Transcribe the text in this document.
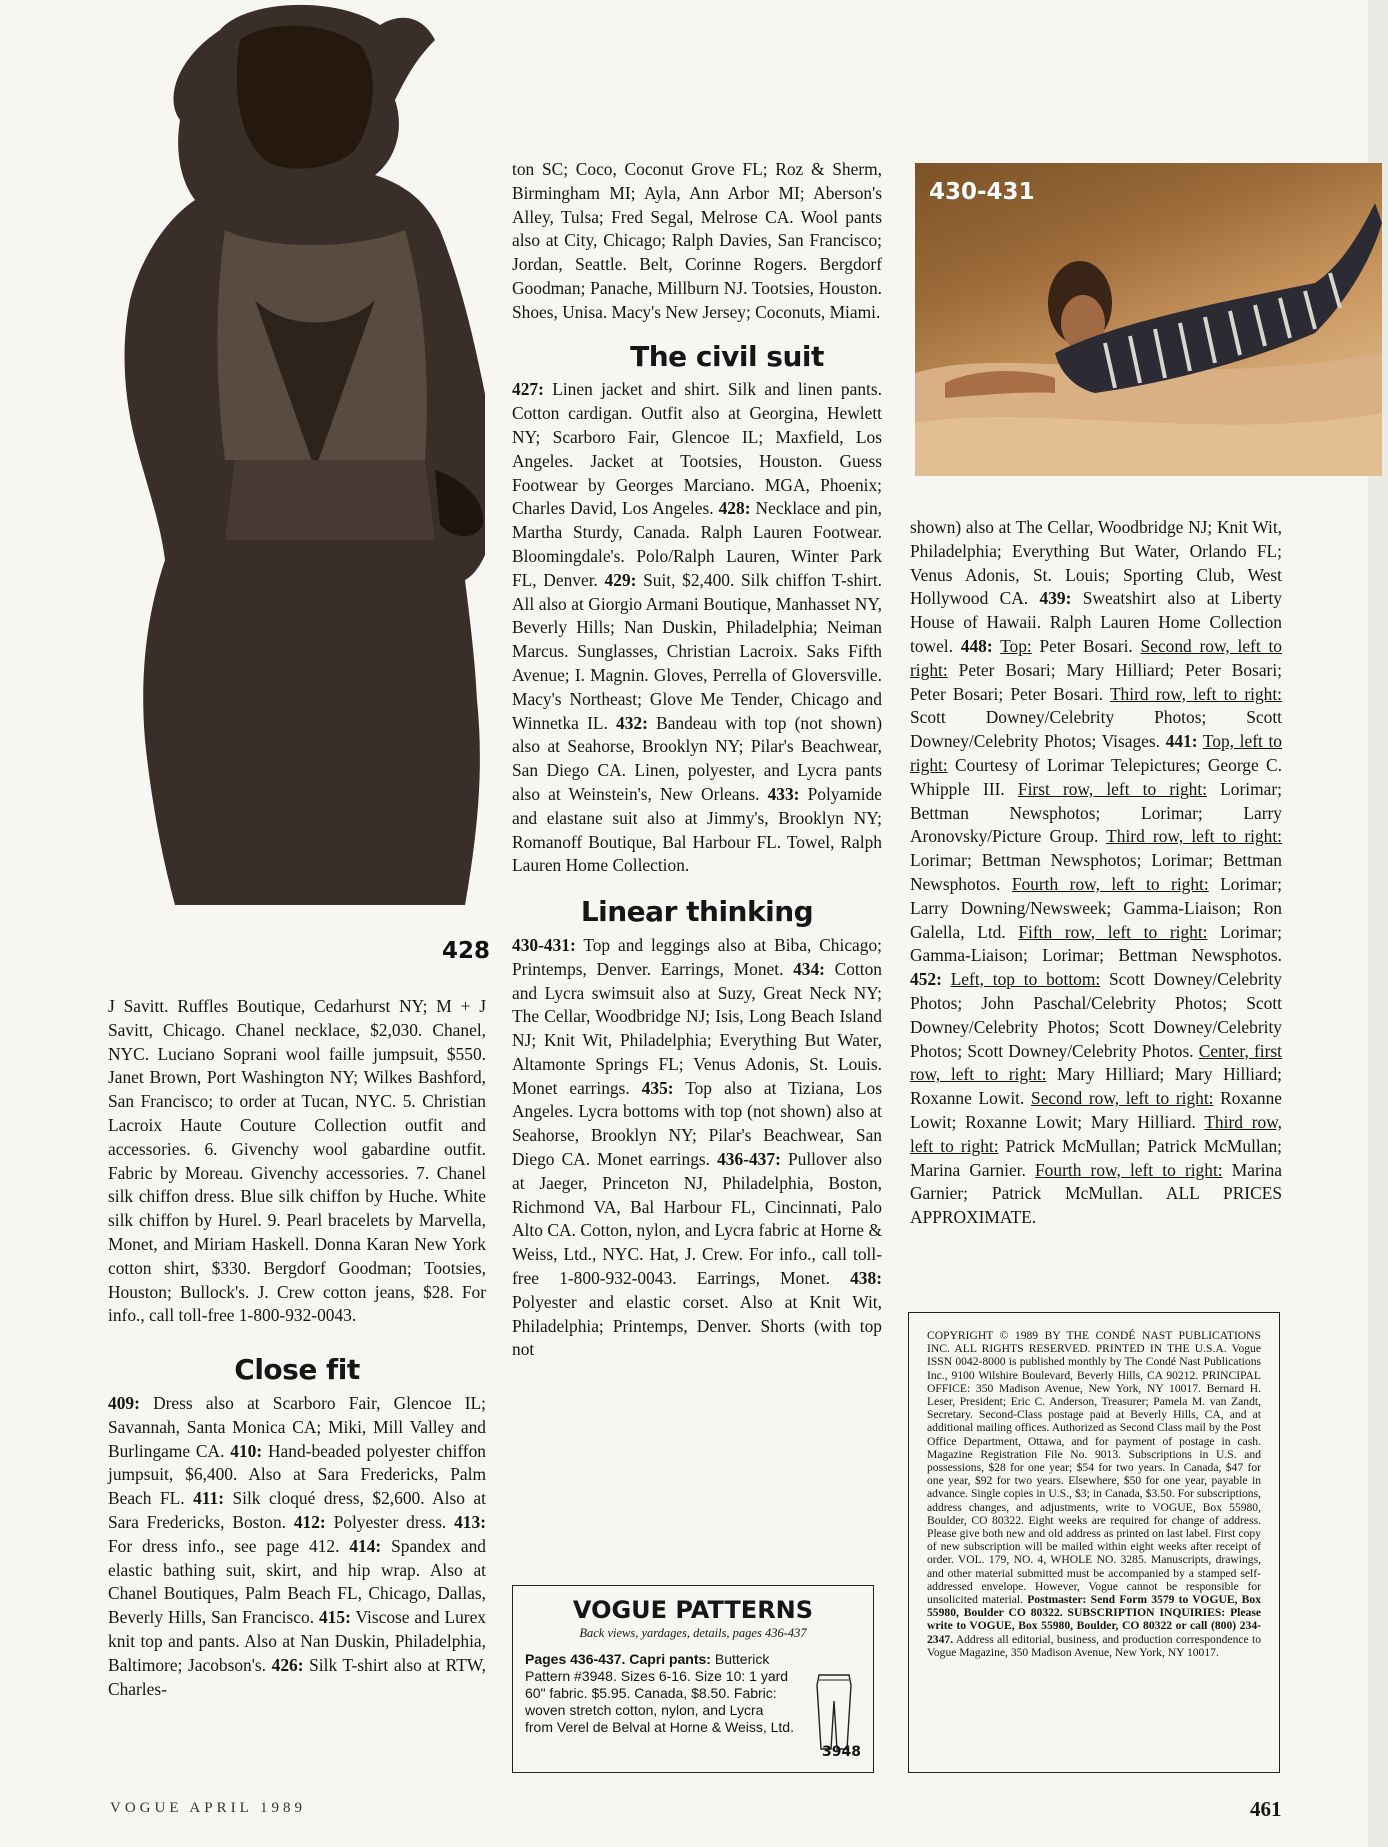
428
430-431

J Savitt. Ruffles Boutique, Cedarhurst NY; M + J Savitt, Chicago. Chanel necklace, $2,030. Chanel, NYC. Luciano Soprani wool faille jumpsuit, $550. Janet Brown, Port Washington NY; Wilkes Bashford, San Francisco; to order at Tucan, NYC. 5. Christian Lacroix Haute Couture Collection outfit and accessories. 6. Givenchy wool gabardine outfit. Fabric by Moreau. Givenchy accessories. 7. Chanel silk chiffon dress. Blue silk chiffon by Huche. White silk chiffon by Hurel. 9. Pearl bracelets by Marvella, Monet, and Miriam Haskell. Donna Karan New York cotton shirt, $330. Bergdorf Goodman; Tootsies, Houston; Bullock's. J. Crew cotton jeans, $28. For info., call toll-free 1-800-932-0043.

Close fit

409: Dress also at Scarboro Fair, Glencoe IL; Savannah, Santa Monica CA; Miki, Mill Valley and Burlingame CA. 410: Hand-beaded polyester chiffon jumpsuit, $6,400. Also at Sara Fredericks, Palm Beach FL. 411: Silk cloqué dress, $2,600. Also at Sara Fredericks, Boston. 412: Polyester dress. 413: For dress info., see page 412. 414: Spandex and elastic bathing suit, skirt, and hip wrap. Also at Chanel Boutiques, Palm Beach FL, Chicago, Dallas, Beverly Hills, San Francisco. 415: Viscose and Lurex knit top and pants. Also at Nan Duskin, Philadelphia, Baltimore; Jacobson's. 426: Silk T-shirt also at RTW, Charles-

ton SC; Coco, Coconut Grove FL; Roz & Sherm, Birmingham MI; Ayla, Ann Arbor MI; Aberson's Alley, Tulsa; Fred Segal, Melrose CA. Wool pants also at City, Chicago; Ralph Davies, San Francisco; Jordan, Seattle. Belt, Corinne Rogers. Bergdorf Goodman; Panache, Millburn NJ. Tootsies, Houston. Shoes, Unisa. Macy's New Jersey; Coconuts, Miami.

The civil suit

427: Linen jacket and shirt. Silk and linen pants. Cotton cardigan. Outfit also at Georgina, Hewlett NY; Scarboro Fair, Glencoe IL; Maxfield, Los Angeles. Jacket at Tootsies, Houston. Guess Footwear by Georges Marciano. MGA, Phoenix; Charles David, Los Angeles. 428: Necklace and pin, Martha Sturdy, Canada. Ralph Lauren Footwear. Bloomingdale's. Polo/Ralph Lauren, Winter Park FL, Denver. 429: Suit, $2,400. Silk chiffon T-shirt. All also at Giorgio Armani Boutique, Manhasset NY, Beverly Hills; Nan Duskin, Philadelphia; Neiman Marcus. Sunglasses, Christian Lacroix. Saks Fifth Avenue; I. Magnin. Gloves, Perrella of Gloversville. Macy's Northeast; Glove Me Tender, Chicago and Winnetka IL. 432: Bandeau with top (not shown) also at Seahorse, Brooklyn NY; Pilar's Beachwear, San Diego CA. Linen, polyester, and Lycra pants also at Weinstein's, New Orleans. 433: Polyamide and elastane suit also at Jimmy's, Brooklyn NY; Romanoff Boutique, Bal Harbour FL. Towel, Ralph Lauren Home Collection.

Linear thinking

430-431: Top and leggings also at Biba, Chicago; Printemps, Denver. Earrings, Monet. 434: Cotton and Lycra swimsuit also at Suzy, Great Neck NY; The Cellar, Woodbridge NJ; Isis, Long Beach Island NJ; Knit Wit, Philadelphia; Everything But Water, Altamonte Springs FL; Venus Adonis, St. Louis. Monet earrings. 435: Top also at Tiziana, Los Angeles. Lycra bottoms with top (not shown) also at Seahorse, Brooklyn NY; Pilar's Beachwear, San Diego CA. Monet earrings. 436-437: Pullover also at Jaeger, Princeton NJ, Philadelphia, Boston, Richmond VA, Bal Harbour FL, Cincinnati, Palo Alto CA. Cotton, nylon, and Lycra fabric at Horne & Weiss, Ltd., NYC. Hat, J. Crew. For info., call toll-free 1-800-932-0043. Earrings, Monet. 438: Polyester and elastic corset. Also at Knit Wit, Philadelphia; Printemps, Denver. Shorts (with top not

shown) also at The Cellar, Woodbridge NJ; Knit Wit, Philadelphia; Everything But Water, Orlando FL; Venus Adonis, St. Louis; Sporting Club, West Hollywood CA. 439: Sweatshirt also at Liberty House of Hawaii. Ralph Lauren Home Collection towel. 448: Top: Peter Bosari. Second row, left to right: Peter Bosari; Mary Hilliard; Peter Bosari; Peter Bosari; Peter Bosari. Third row, left to right: Scott Downey/Celebrity Photos; Scott Downey/Celebrity Photos; Visages. 441: Top, left to right: Courtesy of Lorimar Telepictures; George C. Whipple III. First row, left to right: Lorimar; Bettman Newsphotos; Lorimar; Larry Aronovsky/Picture Group. Third row, left to right: Lorimar; Bettman Newsphotos; Lorimar; Bettman Newsphotos. Fourth row, left to right: Lorimar; Larry Downing/Newsweek; Gamma-Liaison; Ron Galella, Ltd. Fifth row, left to right: Lorimar; Gamma-Liaison; Lorimar; Bettman Newsphotos. 452: Left, top to bottom: Scott Downey/Celebrity Photos; John Paschal/Celebrity Photos; Scott Downey/Celebrity Photos; Scott Downey/Celebrity Photos; Scott Downey/Celebrity Photos. Center, first row, left to right: Mary Hilliard; Mary Hilliard; Roxanne Lowit. Second row, left to right: Roxanne Lowit; Roxanne Lowit; Mary Hilliard. Third row, left to right: Patrick McMullan; Patrick McMullan; Marina Garnier. Fourth row, left to right: Marina Garnier; Patrick McMullan. ALL PRICES APPROXIMATE.

COPYRIGHT © 1989 BY THE CONDÉ NAST PUBLICATIONS INC. ALL RIGHTS RESERVED. PRINTED IN THE U.S.A. Vogue ISSN 0042-8000 is published monthly by The Condé Nast Publications Inc., 9100 Wilshire Boulevard, Beverly Hills, CA 90212. PRINCIPAL OFFICE: 350 Madison Avenue, New York, NY 10017. Bernard H. Leser, President; Eric C. Anderson, Treasurer; Pamela M. van Zandt, Secretary. Second-Class postage paid at Beverly Hills, CA, and at additional mailing offices. Authorized as Second Class mail by the Post Office Department, Ottawa, and for payment of postage in cash. Magazine Registration File No. 9013. Subscriptions in U.S. and possessions, $28 for one year; $54 for two years. In Canada, $47 for one year, $92 for two years. Elsewhere, $50 for one year, payable in advance. Single copies in U.S., $3; in Canada, $3.50. For subscriptions, address changes, and adjustments, write to VOGUE, Box 55980, Boulder, CO 80322. Eight weeks are required for change of address. Please give both new and old address as printed on last label. First copy of new subscription will be mailed within eight weeks after receipt of order. VOL. 179, NO. 4, WHOLE NO. 3285. Manuscripts, drawings, and other material submitted must be accompanied by a stamped self-addressed envelope. However, Vogue cannot be responsible for unsolicited material. Postmaster: Send Form 3579 to VOGUE, Box 55980, Boulder CO 80322. SUBSCRIPTION INQUIRIES: Please write to VOGUE, Box 55980, Boulder, CO 80322 or call (800) 234-2347. Address all editorial, business, and production correspondence to Vogue Magazine, 350 Madison Avenue, New York, NY 10017.
VOGUE PATTERNS
Back views, yardages, details, pages 436-437
Pages 436-437. Capri pants: Butterick Pattern #3948. Sizes 6-16. Size 10: 1 yard 60" fabric. $5.95. Canada, $8.50. Fabric: woven stretch cotton, nylon, and Lycra from Verel de Belval at Horne & Weiss, Ltd.
3948
VOGUE APRIL 1989	461
